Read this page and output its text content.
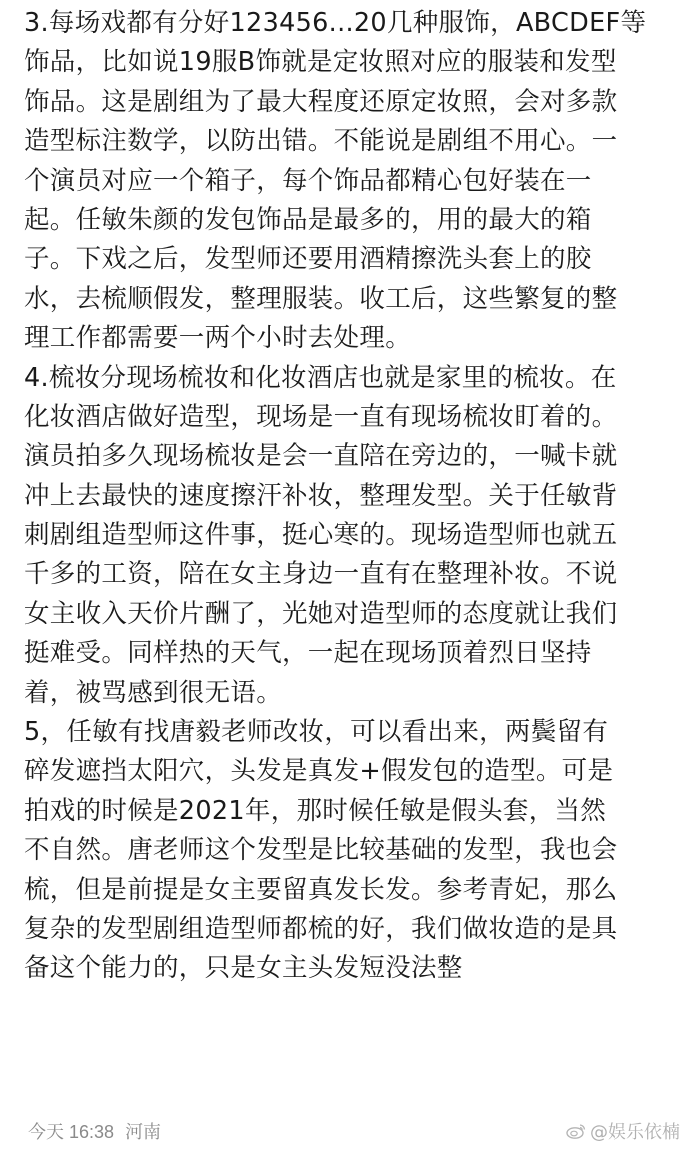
3.每场戏都有分好123456...20几种服饰，ABCDEF等
饰品，比如说19服B饰就是定妆照对应的服装和发型
饰品。这是剧组为了最大程度还原定妆照，会对多款
造型标注数学，以防出错。不能说是剧组不用心。一
个演员对应一个箱子，每个饰品都精心包好装在一
起。任敏朱颜的发包饰品是最多的，用的最大的箱
子。下戏之后，发型师还要用酒精擦洗头套上的胶
水，去梳顺假发，整理服装。收工后，这些繁复的整
理工作都需要一两个小时去处理。
4.梳妆分现场梳妆和化妆酒店也就是家里的梳妆。在
化妆酒店做好造型，现场是一直有现场梳妆盯着的。
演员拍多久现场梳妆是会一直陪在旁边的，一喊卡就
冲上去最快的速度擦汗补妆，整理发型。关于任敏背
刺剧组造型师这件事，挺心寒的。现场造型师也就五
千多的工资，陪在女主身边一直有在整理补妆。不说
女主收入天价片酬了，光她对造型师的态度就让我们
挺难受。同样热的天气，一起在现场顶着烈日坚持
着，被骂感到很无语。
5，任敏有找唐毅老师改妆，可以看出来，两鬓留有
碎发遮挡太阳穴，头发是真发+假发包的造型。可是
拍戏的时候是2021年，那时候任敏是假头套，当然
不自然。唐老师这个发型是比较基础的发型，我也会
梳，但是前提是女主要留真发长发。参考青妃，那么
复杂的发型剧组造型师都梳的好，我们做妆造的是具
备这个能力的，只是女主头发短没法整
今天 16:38 河南	@娱乐依楠
